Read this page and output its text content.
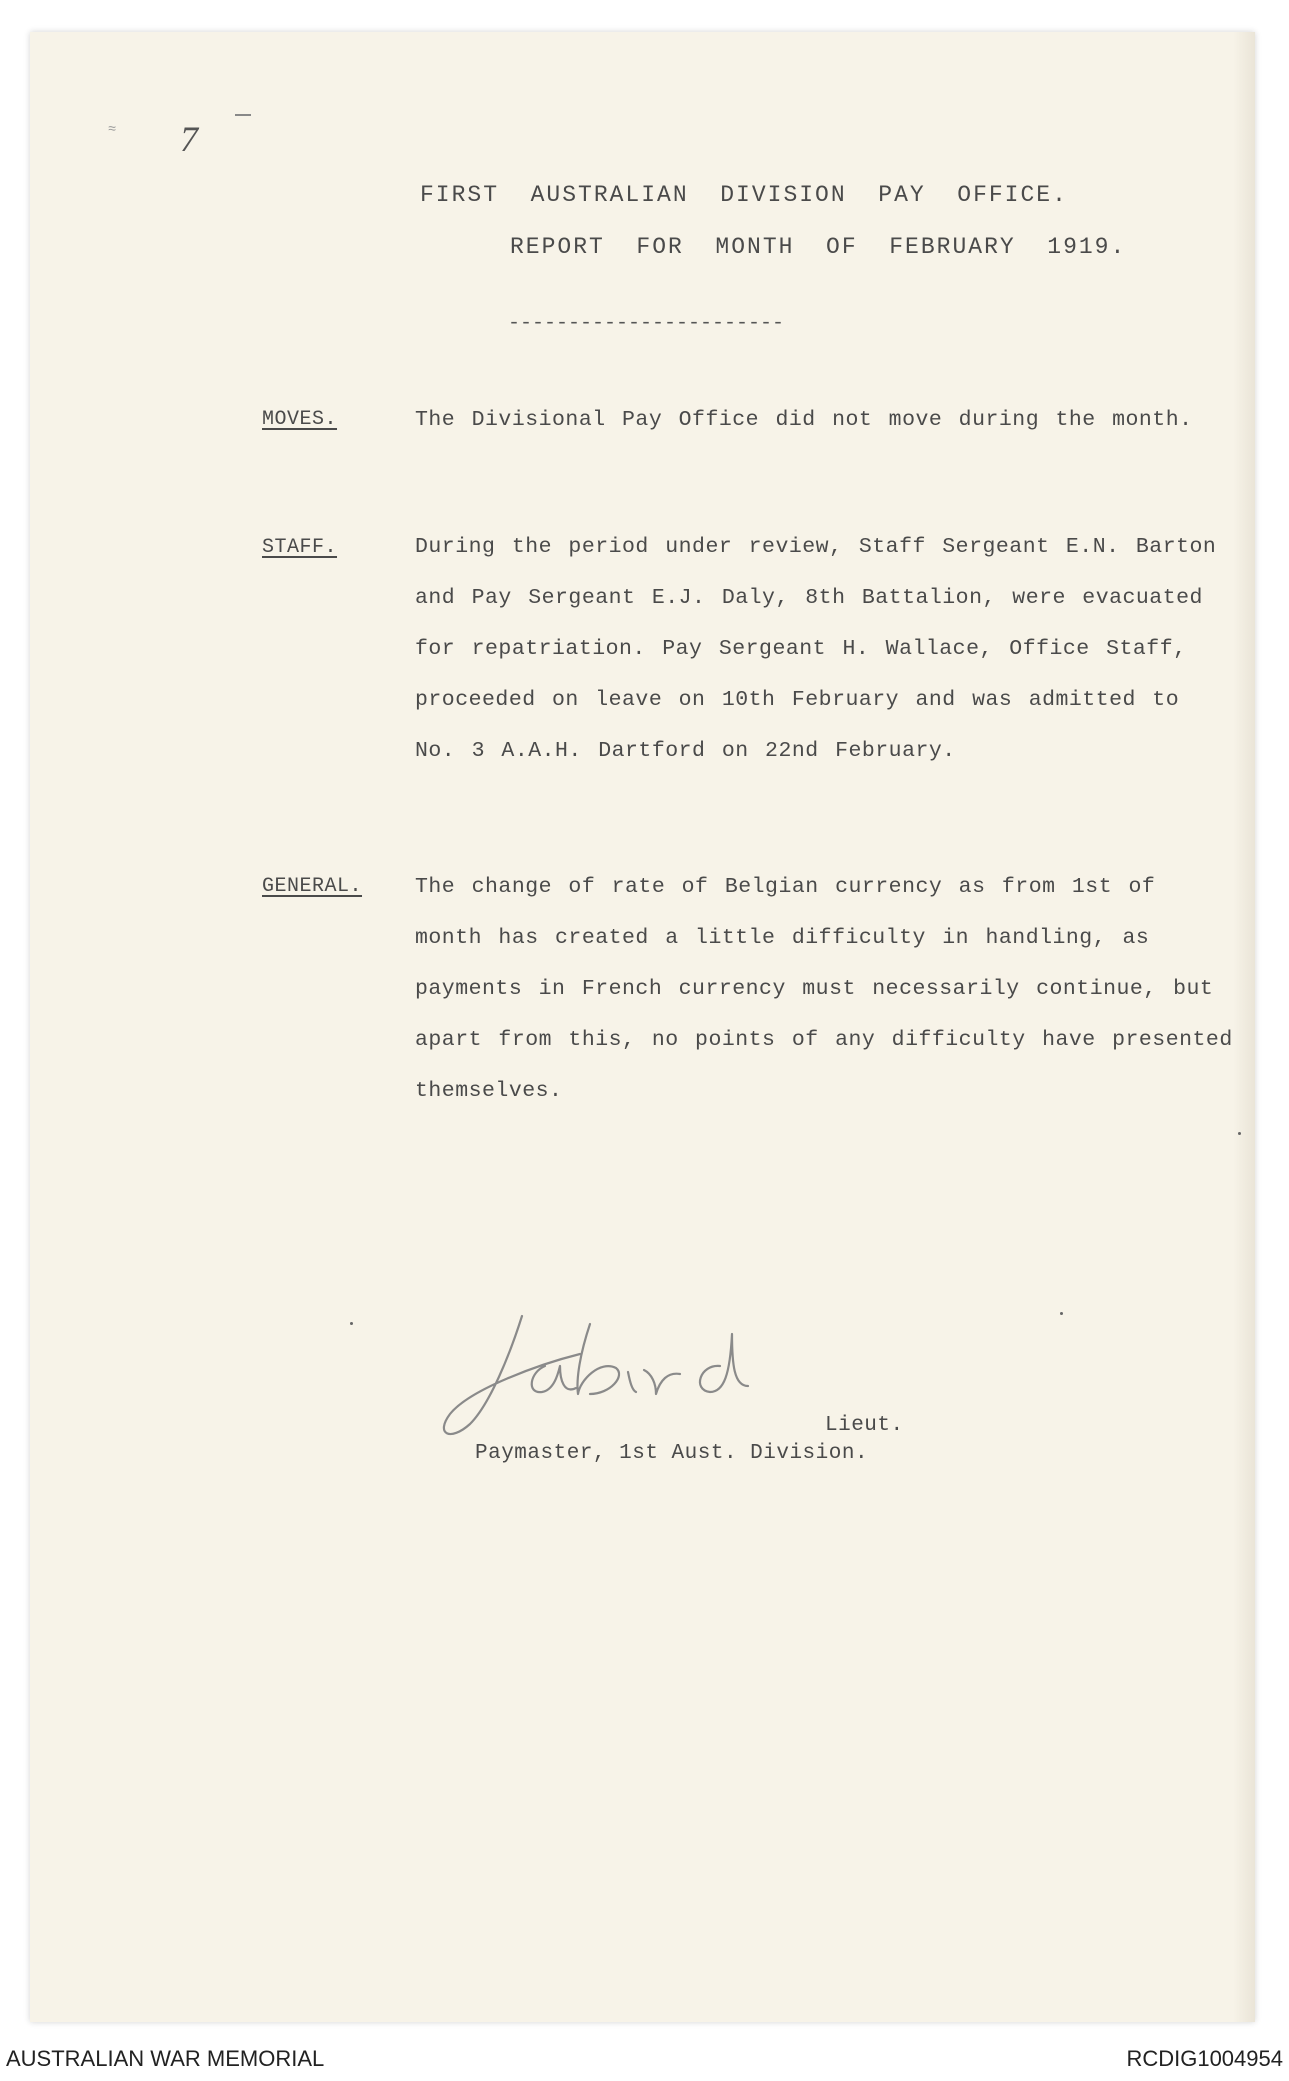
≈ 7
FIRST  AUSTRALIAN  DIVISION  PAY  OFFICE.
REPORT  FOR  MONTH  OF  FEBRUARY  1919.
-----------------------
MOVES.	The Divisional Pay Office did not move during the month.
STAFF.	During the period under review, Staff Sergeant E.N. Barton and Pay Sergeant E.J. Daly, 8th Battalion, were evacuated for repatriation. Pay Sergeant H. Wallace, Office Staff, proceeded on leave on 10th February and was admitted to No. 3 A.A.H. Dartford on 22nd February.
GENERAL. The change of rate of Belgian currency as from 1st of month has created a little difficulty in handling, as payments in French currency must necessarily continue, but apart from this, no points of any difficulty have presented themselves.
Lieut.
Paymaster, 1st Aust. Division.
AUSTRALIAN WAR MEMORIAL	RCDIG1004954
